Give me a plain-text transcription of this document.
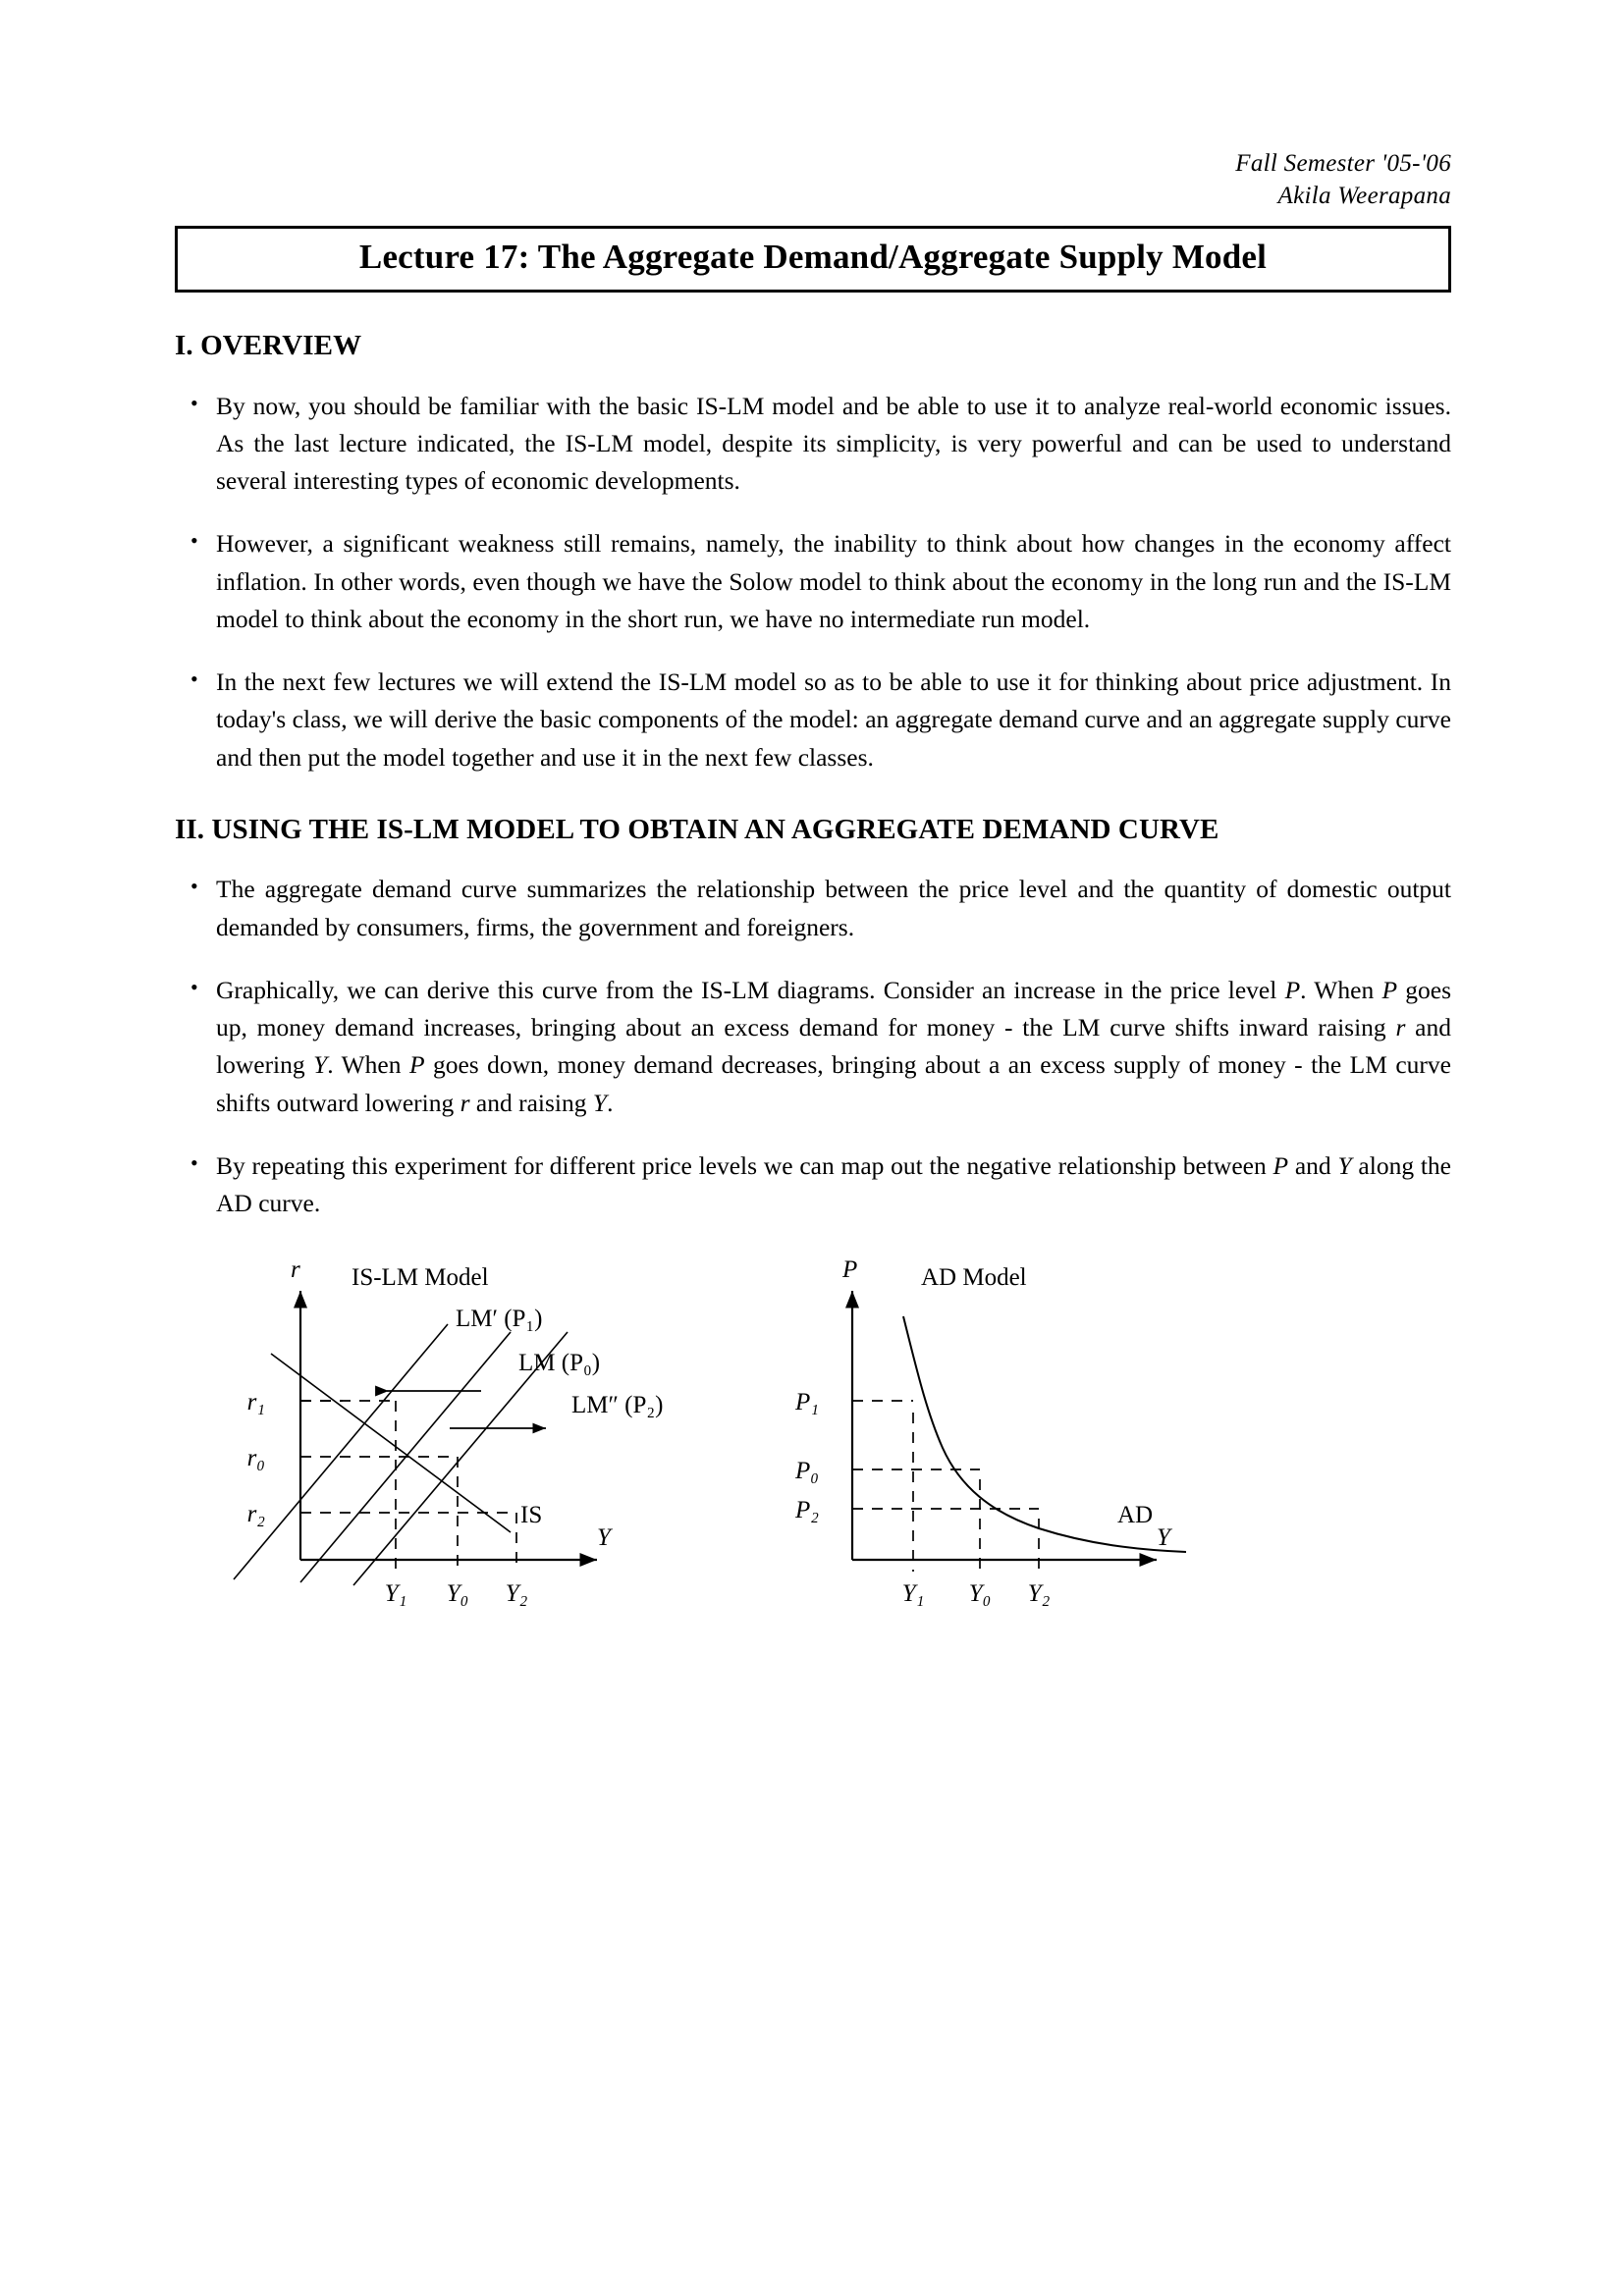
Fall Semester '05-'06
Akila Weerapana
Lecture 17: The Aggregate Demand/Aggregate Supply Model
I. OVERVIEW
• By now, you should be familiar with the basic IS-LM model and be able to use it to analyze real-world economic issues. As the last lecture indicated, the IS-LM model, despite its simplicity, is very powerful and can be used to understand several interesting types of economic developments.
• However, a significant weakness still remains, namely, the inability to think about how changes in the economy affect inflation. In other words, even though we have the Solow model to think about the economy in the long run and the IS-LM model to think about the economy in the short run, we have no intermediate run model.
• In the next few lectures we will extend the IS-LM model so as to be able to use it for thinking about price adjustment. In today's class, we will derive the basic components of the model: an aggregate demand curve and an aggregate supply curve and then put the model together and use it in the next few classes.
II. USING THE IS-LM MODEL TO OBTAIN AN AGGREGATE DEMAND CURVE
• The aggregate demand curve summarizes the relationship between the price level and the quantity of domestic output demanded by consumers, firms, the government and foreigners.
• Graphically, we can derive this curve from the IS-LM diagrams. Consider an increase in the price level P. When P goes up, money demand increases, bringing about an excess demand for money - the LM curve shifts inward raising r and lowering Y. When P goes down, money demand decreases, bringing about a an excess supply of money - the LM curve shifts outward lowering r and raising Y.
• By repeating this experiment for different price levels we can map out the negative relationship between P and Y along the AD curve.
r
Y
IS-LM Model
LM′ (P₁)
LM (P₀)
LM″ (P₂)
IS
r₁
r₀
r₂
Y₁ Y₀ Y₂
P
Y
AD Model
AD
P₁
P₀
P₂
Y₁ Y₀ Y₂
